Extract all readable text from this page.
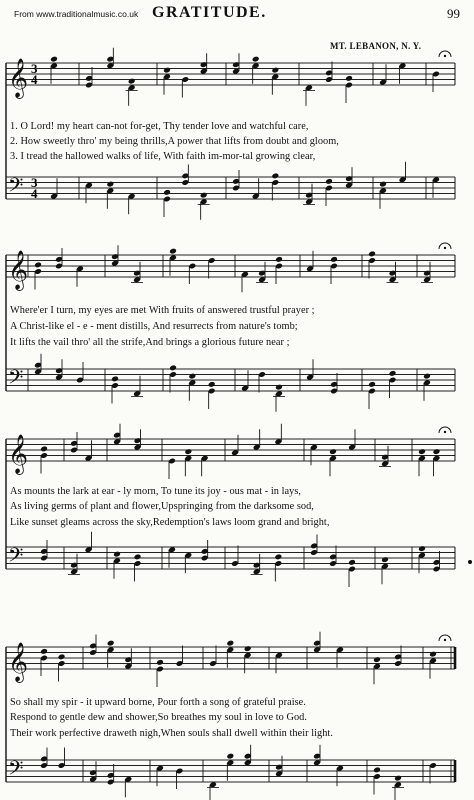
From www.traditionalmusic.co.uk GRATITUDE.	99
MT. LEBANON, N. Y.
𝄞
𝄢
3
4
3
4
𝄞
𝄢
𝄞
𝄢
𝄞
𝄢
1. O Lord! my heart can-not for-get, Thy tender love and watchful care,
2. How sweetly thro' my being thrills,A power that lifts from doubt and gloom,
3. I tread the hallowed walks of life, With faith im-mor-tal growing clear,
Where'er I turn, my eyes are met With fruits of answered trustful prayer ;
A Christ-like el - e - ment distills, And resurrects from nature's tomb;
It lifts the vail thro' all the strife,And brings a glorious future near ;
As mounts the lark at ear - ly morn, To tune its joy - ous mat - in lays,
As living germs of plant and flower,Upspringing from the darksome sod,
Like sunset gleams across the sky,Redemption's laws loom grand and bright,
So shall my spir - it upward borne, Pour forth a song of grateful praise.
Respond to gentle dew and shower,So breathes my soul in love to God.
Their work perfective draweth nigh,When souls shall dwell within their light.
